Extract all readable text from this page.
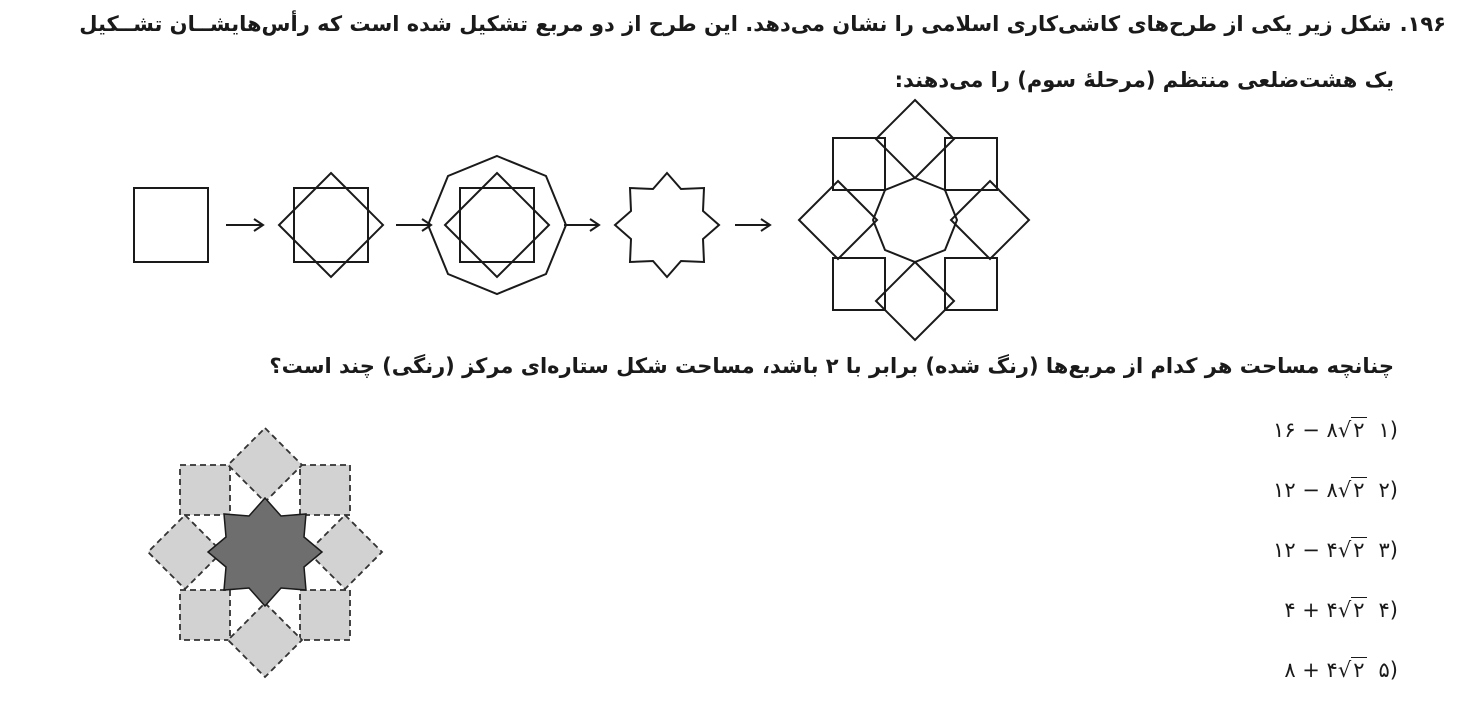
۱۹۶.شکل زیر یکی از طرح‌های کاشی‌کاری اسلامی را نشان می‌دهد. این طرح از دو مربع تشکیل شده است که رأس‌هایشــان تشــکیل
یک هشت‌ضلعی منتظم (مرحلهٔ سوم) را می‌دهند:
چنانچه مساحت هر کدام از مربع‌ها (رنگ شده) برابر با ۲ باشد، مساحت شکل ستاره‌ای مرکز (رنگی) چند است؟
(۱۱۶ − ۸√۲
(۲۱۲ − ۸√۲
(۳۱۲ − ۴√۲
(۴۴ + ۴√۲
(۵۸ + ۴√۲
